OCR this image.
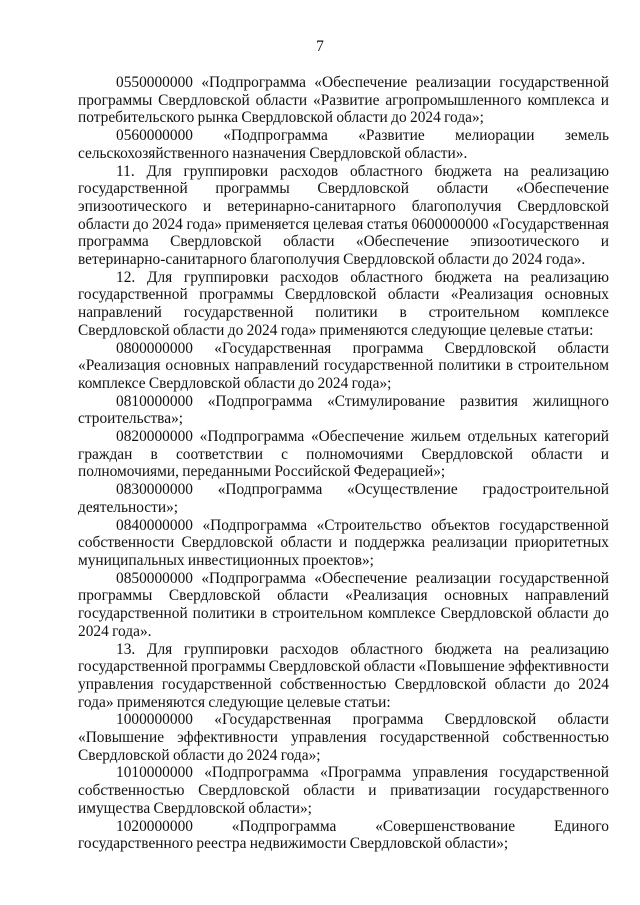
7

0550000000 «Подпрограмма «Обеспечение реализации государственной программы Свердловской области «Развитие агропромышленного комплекса и потребительского рынка Свердловской области до 2024 года»;

0560000000 «Подпрограмма «Развитие мелиорации земель сельскохозяйственного назначения Свердловской области».

11. Для группировки расходов областного бюджета на реализацию государственной программы Свердловской области «Обеспечение эпизоотического и ветеринарно-санитарного благополучия Свердловской области до 2024 года» применяется целевая статья 0600000000 «Государственная программа Свердловской области «Обеспечение эпизоотического и ветеринарно-санитарного благополучия Свердловской области до 2024 года».

12. Для группировки расходов областного бюджета на реализацию государственной программы Свердловской области «Реализация основных направлений государственной политики в строительном комплексе Свердловской области до 2024 года» применяются следующие целевые статьи:

0800000000 «Государственная программа Свердловской области «Реализация основных направлений государственной политики в строительном комплексе Свердловской области до 2024 года»;

0810000000 «Подпрограмма «Стимулирование развития жилищного строительства»;

0820000000 «Подпрограмма «Обеспечение жильем отдельных категорий граждан в соответствии с полномочиями Свердловской области и полномочиями, переданными Российской Федерацией»;

0830000000 «Подпрограмма «Осуществление градостроительной деятельности»;

0840000000 «Подпрограмма «Строительство объектов государственной собственности Свердловской области и поддержка реализации приоритетных муниципальных инвестиционных проектов»;

0850000000 «Подпрограмма «Обеспечение реализации государственной программы Свердловской области «Реализация основных направлений государственной политики в строительном комплексе Свердловской области до 2024 года».

13. Для группировки расходов областного бюджета на реализацию государственной программы Свердловской области «Повышение эффективности управления государственной собственностью Свердловской области до 2024 года» применяются следующие целевые статьи:

1000000000 «Государственная программа Свердловской области «Повышение эффективности управления государственной собственностью Свердловской области до 2024 года»;

1010000000 «Подпрограмма «Программа управления государственной собственностью Свердловской области и приватизации государственного имущества Свердловской области»;

1020000000 «Подпрограмма «Совершенствование Единого государственного реестра недвижимости Свердловской области»;
